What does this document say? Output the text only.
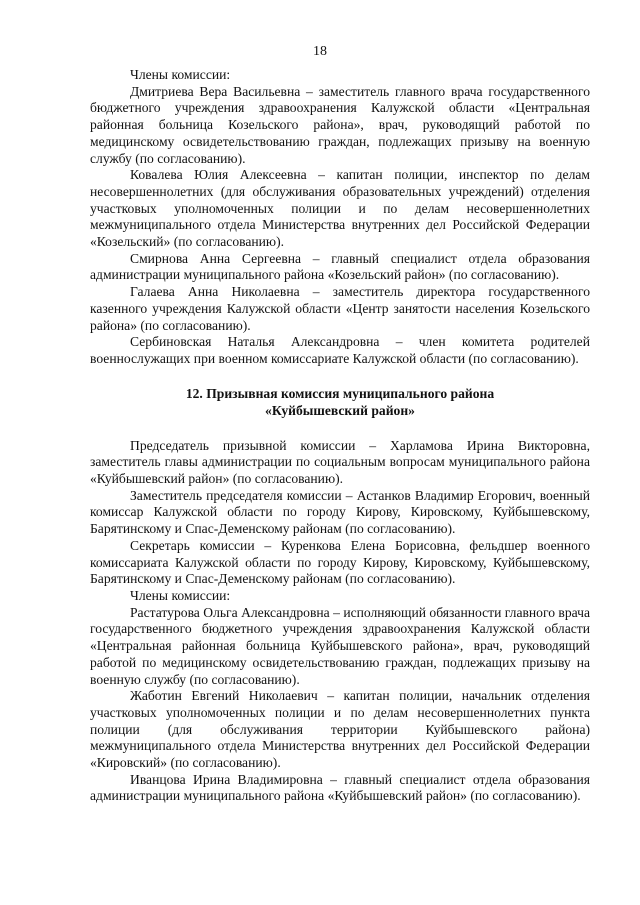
18

Члены комиссии:

Дмитриева Вера Васильевна – заместитель главного врача государственного бюджетного учреждения здравоохранения Калужской области «Центральная районная больница Козельского района», врач, руководящий работой по медицинскому освидетельствованию граждан, подлежащих призыву на военную службу (по согласованию).

Ковалева Юлия Алексеевна – капитан полиции, инспектор по делам несовершеннолетних (для обслуживания образовательных учреждений) отделения участковых уполномоченных полиции и по делам несовершеннолетних межмуниципального отдела Министерства внутренних дел Российской Федерации «Козельский» (по согласованию).

Смирнова Анна Сергеевна – главный специалист отдела образования администрации муниципального района «Козельский район» (по согласованию).

Галаева Анна Николаевна – заместитель директора государственного казенного учреждения Калужской области «Центр занятости населения Козельского района» (по согласованию).

Сербиновская Наталья Александровна – член комитета родителей военнослужащих при военном комиссариате Калужской области (по согласованию).

12. Призывная комиссия муниципального района

«Куйбышевский район»

Председатель призывной комиссии – Харламова Ирина Викторовна, заместитель главы администрации по социальным вопросам муниципального района «Куйбышевский район» (по согласованию).

Заместитель председателя комиссии – Астанков Владимир Егорович, военный комиссар Калужской области по городу Кирову, Кировскому, Куйбышевскому, Барятинскому и Спас-Деменскому районам (по согласованию).

Секретарь комиссии – Куренкова Елена Борисовна, фельдшер военного комиссариата Калужской области по городу Кирову, Кировскому, Куйбышевскому, Барятинскому и Спас-Деменскому районам (по согласованию).

Члены комиссии:

Растатурова Ольга Александровна – исполняющий обязанности главного врача государственного бюджетного учреждения здравоохранения Калужской области «Центральная районная больница Куйбышевского района», врач, руководящий работой по медицинскому освидетельствованию граждан, подлежащих призыву на военную службу (по согласованию).

Жаботин Евгений Николаевич – капитан полиции, начальник отделения участковых уполномоченных полиции и по делам несовершеннолетних пункта полиции (для обслуживания территории Куйбышевского района) межмуниципального отдела Министерства внутренних дел Российской Федерации «Кировский» (по согласованию).

Иванцова Ирина Владимировна – главный специалист отдела образования администрации муниципального района «Куйбышевский район» (по согласованию).
